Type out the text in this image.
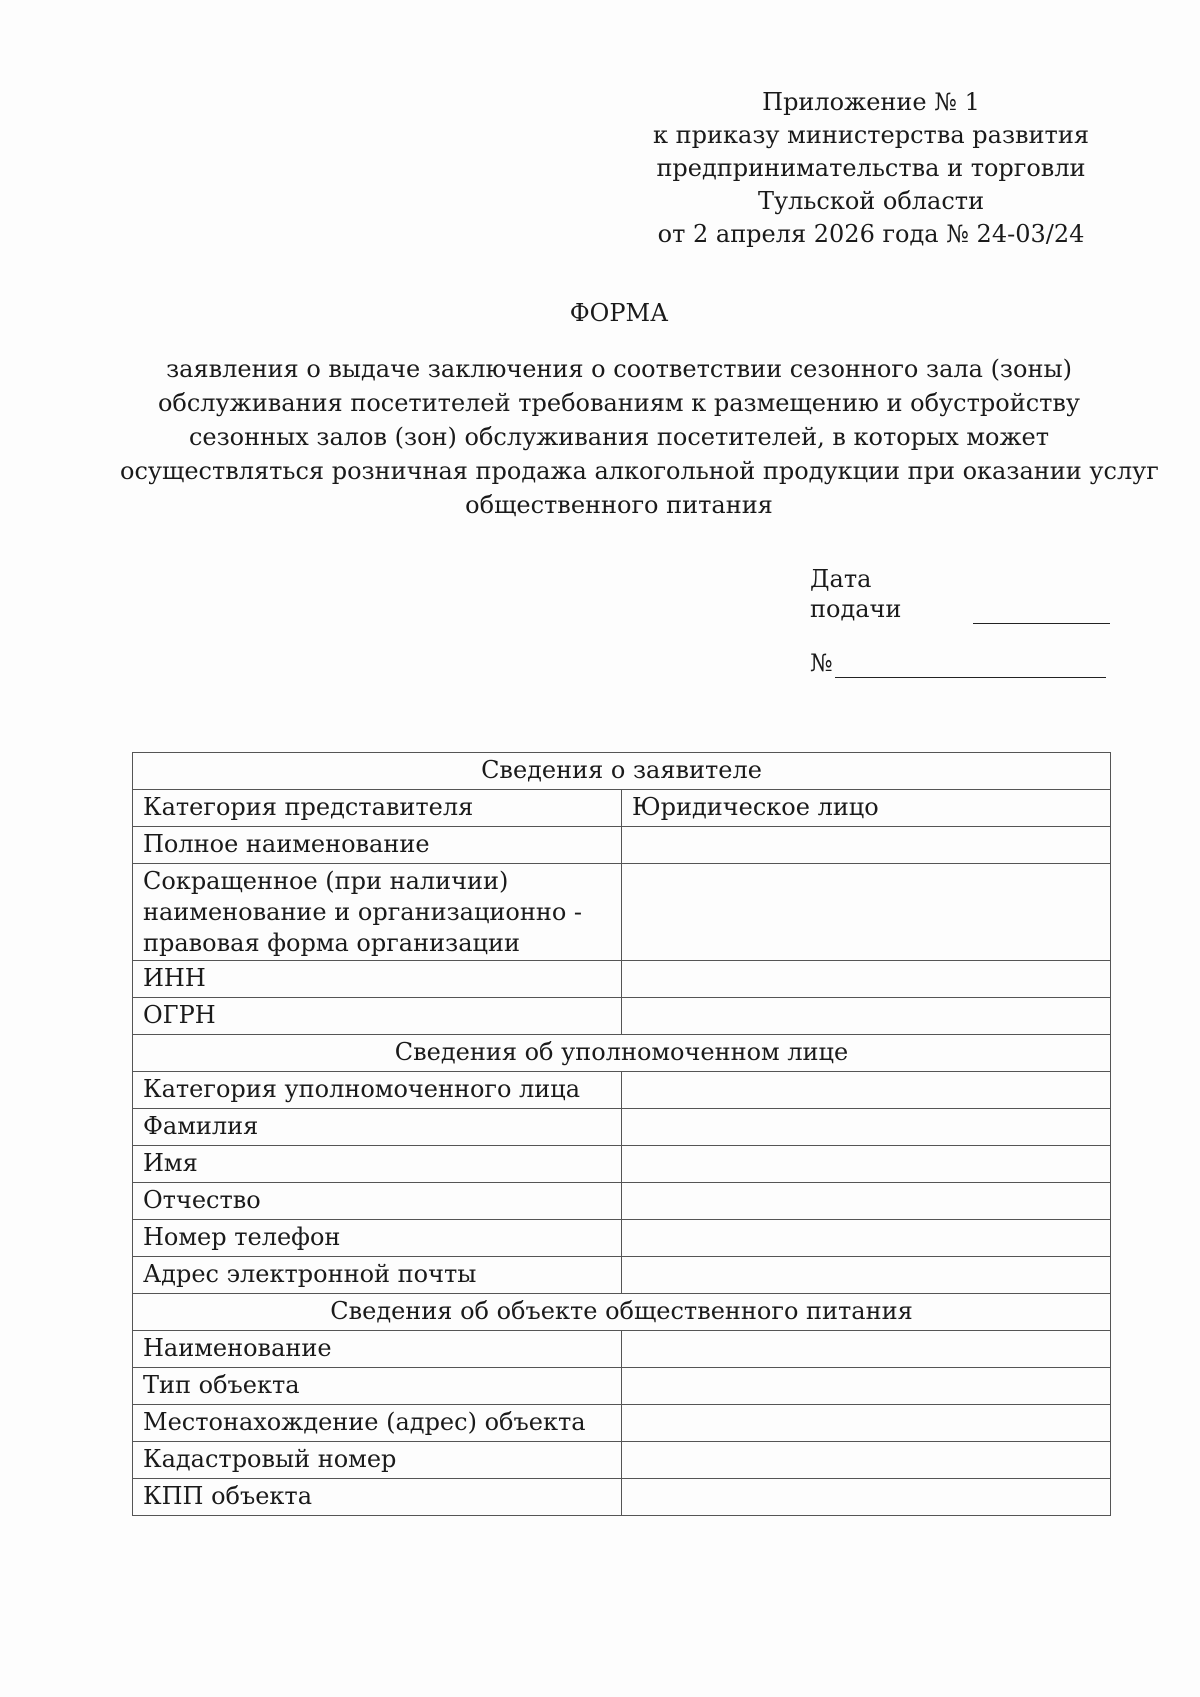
Приложение № 1
к приказу министерства развития
предпринимательства и торговли
Тульской области
от 2 апреля 2026 года № 24-03/24
ФОРМА
заявления о выдаче заключения о соответствии сезонного зала (зоны)
обслуживания посетителей требованиям к размещению и обустройству
сезонных залов (зон) обслуживания посетителей, в которых может
осуществляться розничная продажа алкогольной продукции при оказании услуг
общественного питания
Дата подачи
№
Сведения о заявителе	
Категория представителя	Юридическое лицо
Полное наименование	
Сокращенное (при наличии) наименование и организационно - правовая форма организации	
ИНН	
ОГРН	
Сведения об уполномоченном лице	
Категория уполномоченного лица	
Фамилия	
Имя	
Отчество	
Номер телефон	
Адрес электронной почты	
Сведения об объекте общественного питания	
Наименование	
Тип объекта	
Местонахождение (адрес) объекта	
Кадастровый номер	
КПП объекта	
